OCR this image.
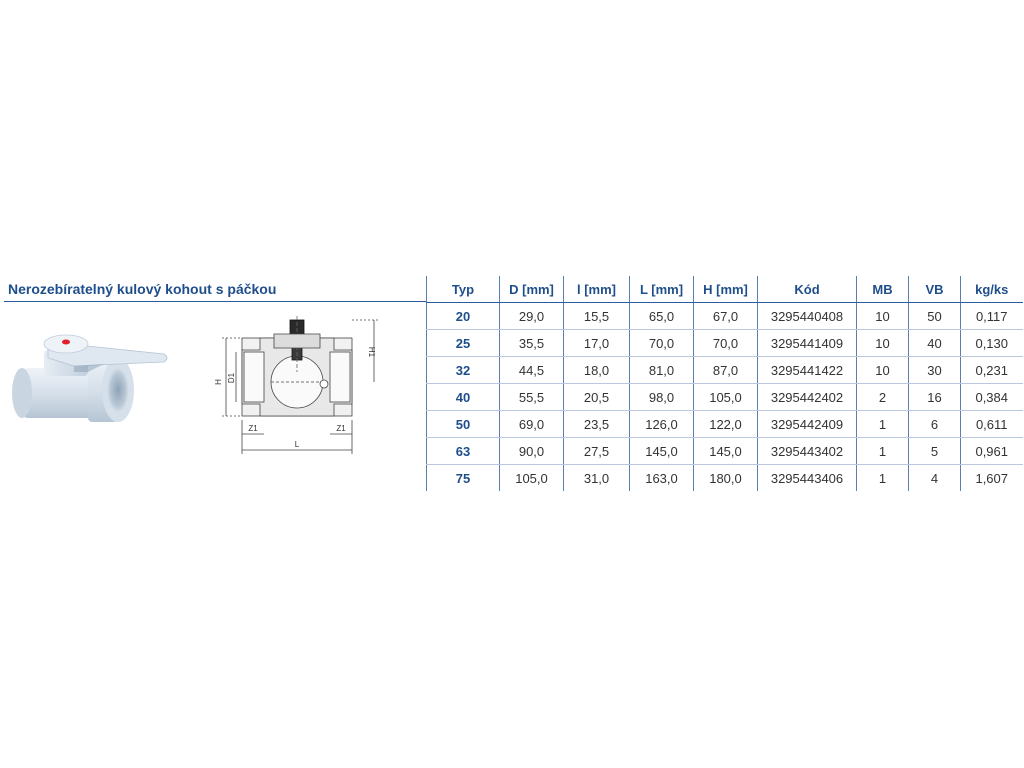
Nerozebíratelný kulový kohout s páčkou
H D1
H1
Z1	Z1
L
Typ	D [mm]	l [mm]	L [mm]	H [mm]	Kód	MB	VB	kg/ks
20	29,0	15,5	65,0	67,0	3295440408	10	50	0,117
25	35,5	17,0	70,0	70,0	3295441409	10	40	0,130
32	44,5	18,0	81,0	87,0	3295441422	10	30	0,231
40	55,5	20,5	98,0	105,0	3295442402	2	16	0,384
50	69,0	23,5	126,0	122,0	3295442409	1	6	0,611
63	90,0	27,5	145,0	145,0	3295443402	1	5	0,961
75	105,0	31,0	163,0	180,0	3295443406	1	4	1,607
